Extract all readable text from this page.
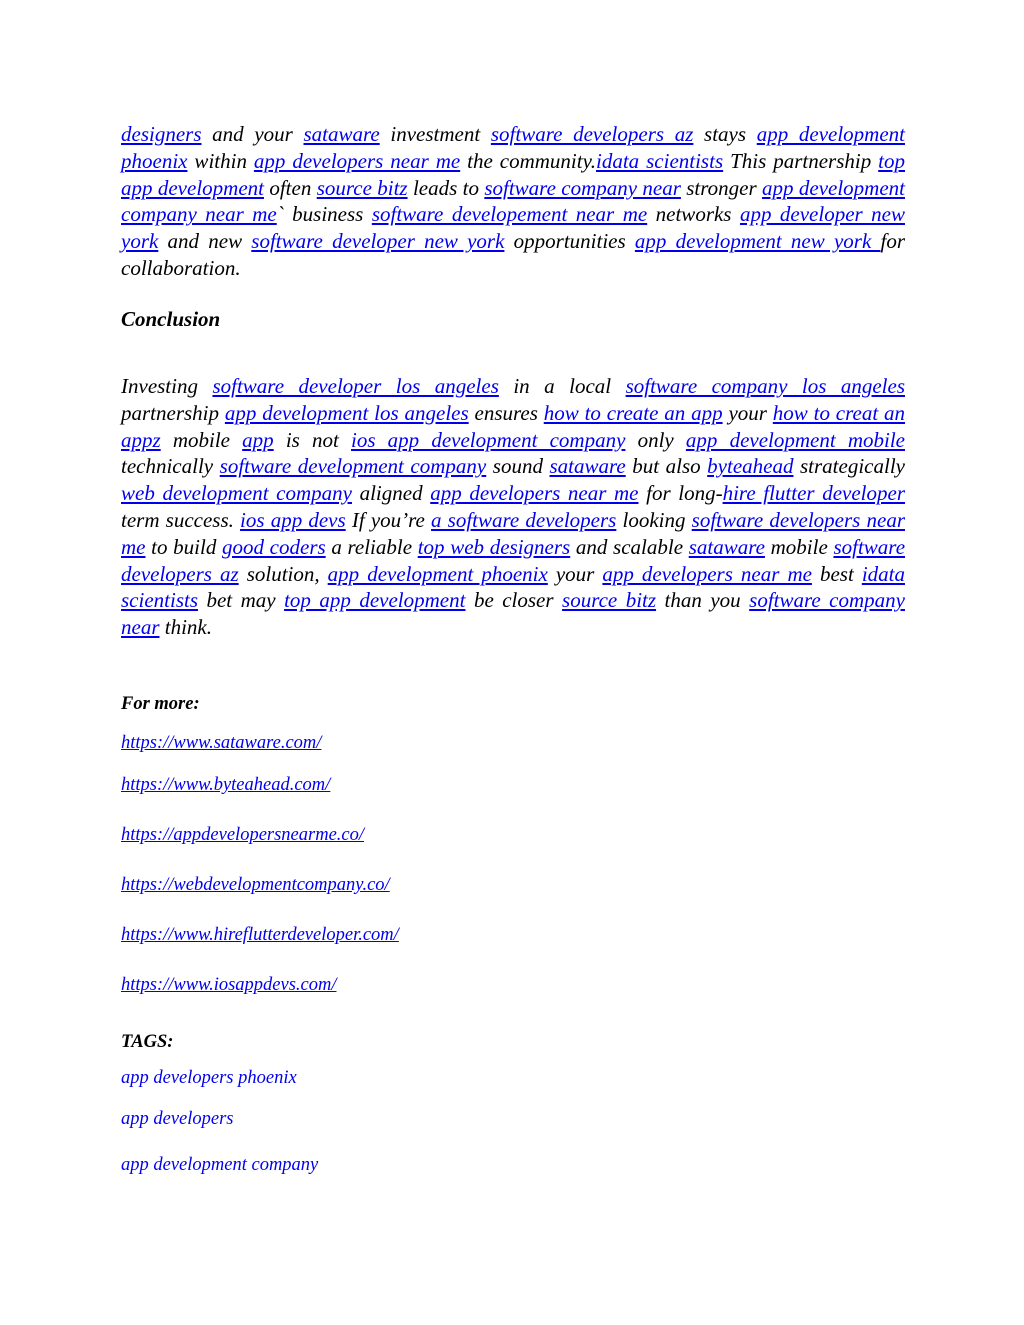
designers and your sataware investment software developers az stays app development phoenix within app developers near me the community.idata scientists This partnership top app development often source bitz leads to software company near stronger app development company near me` business software developement near me networks app developer new york and new software developer new york opportunities app development new york for collaboration.

Conclusion

Investing software developer los angeles in a local software company los angeles partnership app development los angeles ensures how to create an app your how to creat an appz mobile app is not ios app development company only app development mobile technically software development company sound sataware but also byteahead strategically web development company aligned app developers near me for long-hire flutter developer term success. ios app devs If you’re a software developers looking software developers near me to build good coders a reliable top web designers and scalable sataware mobile software developers az solution, app development phoenix your app developers near me best idata scientists bet may top app development be closer source bitz than you software company near think.

For more:
https://www.sataware.com/
https://www.byteahead.com/
https://appdevelopersnearme.co/
https://webdevelopmentcompany.co/
https://www.hireflutterdeveloper.com/
https://www.iosappdevs.com/
TAGS:
app developers phoenix
app developers
app development company
